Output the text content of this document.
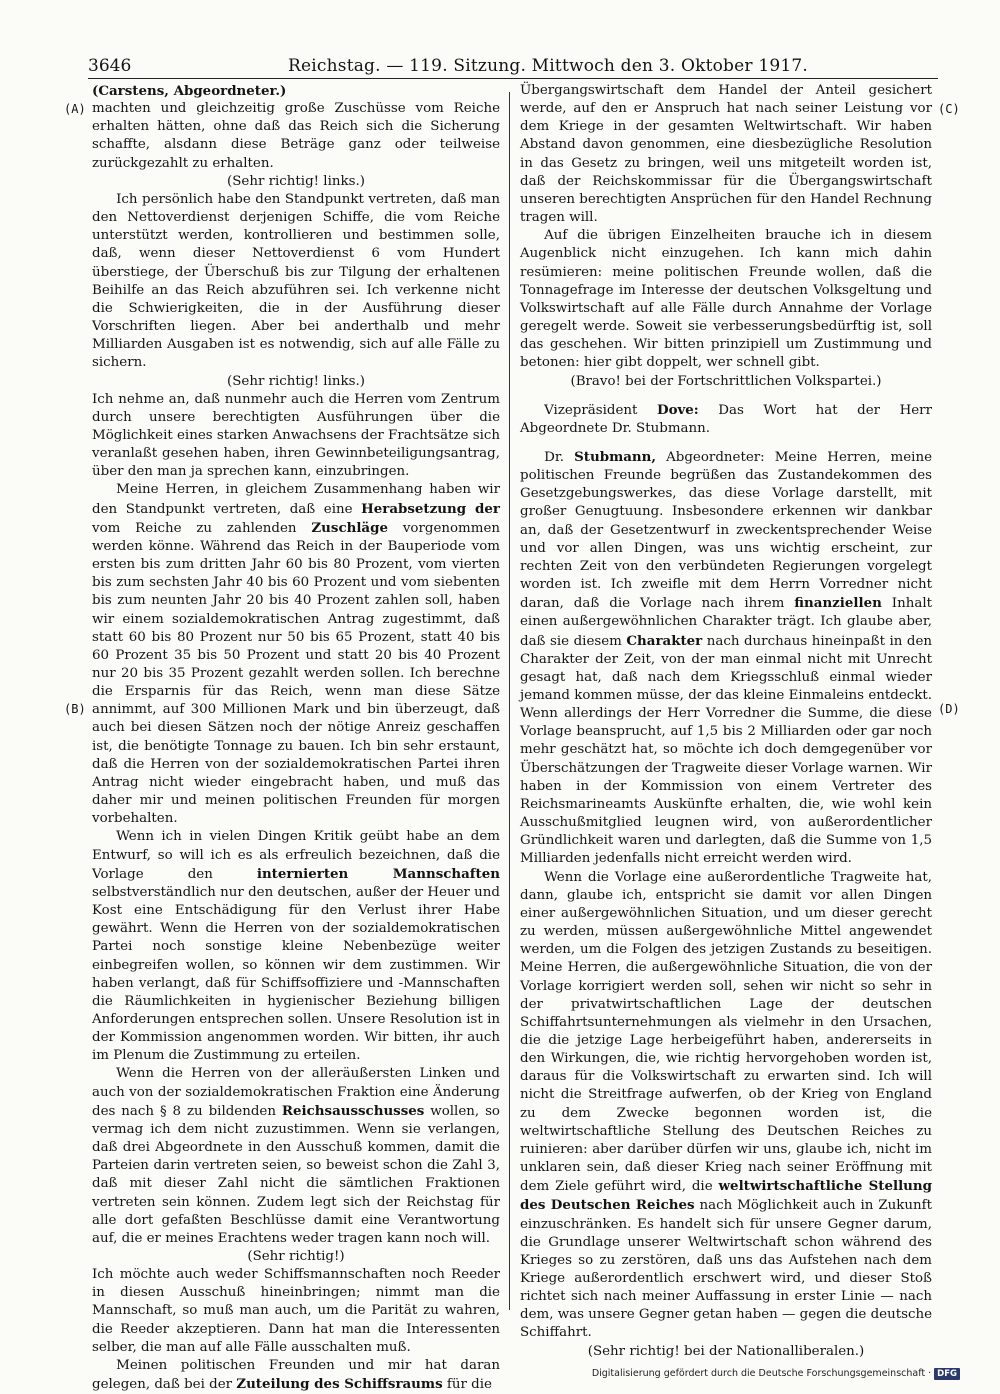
3646	Reichstag. — 119. Sitzung. Mittwoch den 3. Oktober 1917.
(A)
(B)
(C)
(D)

(Carstens, Abgeordneter.)

machten und gleichzeitig große Zuschüsse vom Reiche erhalten hätten, ohne daß das Reich sich die Sicherung schaffte, alsdann diese Beträge ganz oder teilweise zurückgezahlt zu erhalten.

(Sehr richtig! links.)

Ich persönlich habe den Standpunkt vertreten, daß man den Nettoverdienst derjenigen Schiffe, die vom Reiche unterstützt werden, kontrollieren und bestimmen solle, daß, wenn dieser Nettoverdienst 6 vom Hundert überstiege, der Überschuß bis zur Tilgung der erhaltenen Beihilfe an das Reich abzuführen sei. Ich verkenne nicht die Schwierigkeiten, die in der Ausführung dieser Vorschriften liegen. Aber bei anderthalb und mehr Milliarden Ausgaben ist es notwendig, sich auf alle Fälle zu sichern.

(Sehr richtig! links.)

Ich nehme an, daß nunmehr auch die Herren vom Zentrum durch unsere berechtigten Ausführungen über die Möglichkeit eines starken Anwachsens der Frachtsätze sich veranlaßt gesehen haben, ihren Gewinnbeteiligungsantrag, über den man ja sprechen kann, einzubringen.

Meine Herren, in gleichem Zusammenhang haben wir den Standpunkt vertreten, daß eine Herabsetzung der vom Reiche zu zahlenden Zuschläge vorgenommen werden könne. Während das Reich in der Bauperiode vom ersten bis zum dritten Jahr 60 bis 80 Prozent, vom vierten bis zum sechsten Jahr 40 bis 60 Prozent und vom siebenten bis zum neunten Jahr 20 bis 40 Prozent zahlen soll, haben wir einem sozialdemokratischen Antrag zugestimmt, daß statt 60 bis 80 Prozent nur 50 bis 65 Prozent, statt 40 bis 60 Prozent 35 bis 50 Prozent und statt 20 bis 40 Prozent nur 20 bis 35 Prozent gezahlt werden sollen. Ich berechne die Ersparnis für das Reich, wenn man diese Sätze annimmt, auf 300 Millionen Mark und bin überzeugt, daß auch bei diesen Sätzen noch der nötige Anreiz geschaffen ist, die benötigte Tonnage zu bauen. Ich bin sehr erstaunt, daß die Herren von der sozialdemokratischen Partei ihren Antrag nicht wieder eingebracht haben, und muß das daher mir und meinen politischen Freunden für morgen vorbehalten.

Wenn ich in vielen Dingen Kritik geübt habe an dem Entwurf, so will ich es als erfreulich bezeichnen, daß die Vorlage den internierten Mannschaften selbstverständlich nur den deutschen, außer der Heuer und Kost eine Entschädigung für den Verlust ihrer Habe gewährt. Wenn die Herren von der sozialdemokratischen Partei noch sonstige kleine Nebenbezüge weiter einbegreifen wollen, so können wir dem zustimmen. Wir haben verlangt, daß für Schiffsoffiziere und -Mannschaften die Räumlichkeiten in hygienischer Beziehung billigen Anforderungen entsprechen sollen. Unsere Resolution ist in der Kommission angenommen worden. Wir bitten, ihr auch im Plenum die Zustimmung zu erteilen.

Wenn die Herren von der alleräußersten Linken und auch von der sozialdemokratischen Fraktion eine Änderung des nach § 8 zu bildenden Reichsausschusses wollen, so vermag ich dem nicht zuzustimmen. Wenn sie verlangen, daß drei Abgeordnete in den Ausschuß kommen, damit die Parteien darin vertreten seien, so beweist schon die Zahl 3, daß mit dieser Zahl nicht die sämtlichen Fraktionen vertreten sein können. Zudem legt sich der Reichstag für alle dort gefaßten Beschlüsse damit eine Verantwortung auf, die er meines Erachtens weder tragen kann noch will.

(Sehr richtig!)

Ich möchte auch weder Schiffsmannschaften noch Reeder in diesen Ausschuß hineinbringen; nimmt man die Mannschaft, so muß man auch, um die Parität zu wahren, die Reeder akzeptieren. Dann hat man die Interessenten selber, die man auf alle Fälle ausschalten muß.

Meinen politischen Freunden und mir hat daran gelegen, daß bei der Zuteilung des Schiffsraums für die

Übergangswirtschaft dem Handel der Anteil gesichert werde, auf den er Anspruch hat nach seiner Leistung vor dem Kriege in der gesamten Weltwirtschaft. Wir haben Abstand davon genommen, eine diesbezügliche Resolution in das Gesetz zu bringen, weil uns mitgeteilt worden ist, daß der Reichskommissar für die Übergangswirtschaft unseren berechtigten Ansprüchen für den Handel Rechnung tragen will.

Auf die übrigen Einzelheiten brauche ich in diesem Augenblick nicht einzugehen. Ich kann mich dahin resümieren: meine politischen Freunde wollen, daß die Tonnagefrage im Interesse der deutschen Volksgeltung und Volkswirtschaft auf alle Fälle durch Annahme der Vorlage geregelt werde. Soweit sie verbesserungsbedürftig ist, soll das geschehen. Wir bitten prinzipiell um Zustimmung und betonen: hier gibt doppelt, wer schnell gibt.

(Bravo! bei der Fortschrittlichen Volkspartei.)

Vizepräsident Dove: Das Wort hat der Herr Abgeordnete Dr. Stubmann.

Dr. Stubmann, Abgeordneter: Meine Herren, meine politischen Freunde begrüßen das Zustandekommen des Gesetzgebungswerkes, das diese Vorlage darstellt, mit großer Genugtuung. Insbesondere erkennen wir dankbar an, daß der Gesetzentwurf in zweckentsprechender Weise und vor allen Dingen, was uns wichtig erscheint, zur rechten Zeit von den verbündeten Regierungen vorgelegt worden ist. Ich zweifle mit dem Herrn Vorredner nicht daran, daß die Vorlage nach ihrem finanziellen Inhalt einen außergewöhnlichen Charakter trägt. Ich glaube aber, daß sie diesem Charakter nach durchaus hineinpaßt in den Charakter der Zeit, von der man einmal nicht mit Unrecht gesagt hat, daß nach dem Kriegsschluß einmal wieder jemand kommen müsse, der das kleine Einmaleins entdeckt. Wenn allerdings der Herr Vorredner die Summe, die diese Vorlage beansprucht, auf 1,5 bis 2 Milliarden oder gar noch mehr geschätzt hat, so möchte ich doch demgegenüber vor Überschätzungen der Tragweite dieser Vorlage warnen. Wir haben in der Kommission von einem Vertreter des Reichsmarineamts Auskünfte erhalten, die, wie wohl kein Ausschußmitglied leugnen wird, von außerordentlicher Gründlichkeit waren und darlegten, daß die Summe von 1,5 Milliarden jedenfalls nicht erreicht werden wird.

Wenn die Vorlage eine außerordentliche Tragweite hat, dann, glaube ich, entspricht sie damit vor allen Dingen einer außergewöhnlichen Situation, und um dieser gerecht zu werden, müssen außergewöhnliche Mittel angewendet werden, um die Folgen des jetzigen Zustands zu beseitigen. Meine Herren, die außergewöhnliche Situation, die von der Vorlage korrigiert werden soll, sehen wir nicht so sehr in der privatwirtschaftlichen Lage der deutschen Schiffahrtsunternehmungen als vielmehr in den Ursachen, die die jetzige Lage herbeigeführt haben, andererseits in den Wirkungen, die, wie richtig hervorgehoben worden ist, daraus für die Volkswirtschaft zu erwarten sind. Ich will nicht die Streitfrage aufwerfen, ob der Krieg von England zu dem Zwecke begonnen worden ist, die weltwirtschaftliche Stellung des Deutschen Reiches zu ruinieren: aber darüber dürfen wir uns, glaube ich, nicht im unklaren sein, daß dieser Krieg nach seiner Eröffnung mit dem Ziele geführt wird, die weltwirtschaftliche Stellung des Deutschen Reiches nach Möglichkeit auch in Zukunft einzuschränken. Es handelt sich für unsere Gegner darum, die Grundlage unserer Weltwirtschaft schon während des Krieges so zu zerstören, daß uns das Aufstehen nach dem Kriege außerordentlich erschwert wird, und dieser Stoß richtet sich nach meiner Auffassung in erster Linie — nach dem, was unsere Gegner getan haben — gegen die deutsche Schiffahrt.

(Sehr richtig! bei der Nationalliberalen.)

Digitalisierung gefördert durch die Deutsche Forschungsgemeinschaft · DFG
